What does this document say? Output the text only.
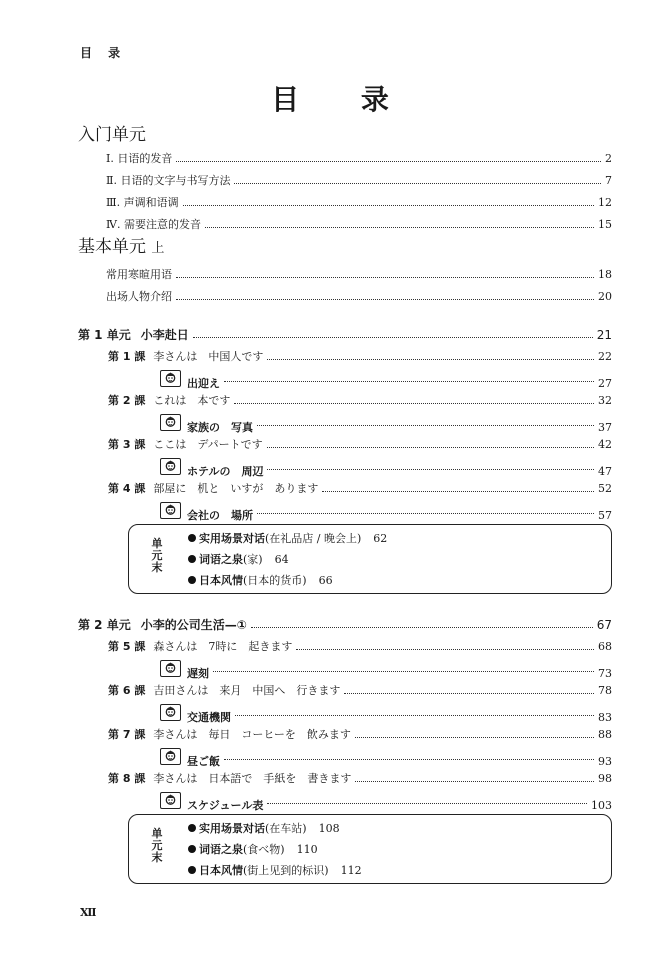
目 录
目 录
入门单元
基本单元 上
Ⅻ
Ⅰ. 日语的发音	2
Ⅱ. 日语的文字与书写方法	7
Ⅲ. 声调和语调	12
Ⅳ. 需要注意的发音	15
常用寒暄用语	18
出场人物介绍	20
第 1 单元 小李赴日	21
第 1 課 李さんは　中国人です	22
出迎え	27
第 2 課 これは　本です	32
家族の　写真	37
第 3 課 ここは　デパートです	42
ホテルの　周辺	47
第 4 課 部屋に　机と　いすが　あります	52
会社の　場所	57
单元末
实用场景对话 (在礼品店 / 晚会上) 62
词语之泉 (家) 64
日本风情 (日本的货币) 66
第 2 单元 小李的公司生活—①	67
第 5 課 森さんは　7時に　起きます	68
遅刻	73
第 6 課 吉田さんは　来月　中国へ　行きます	78
交通機関	83
第 7 課 李さんは　毎日　コーヒーを　飲みます	88
昼ご飯	93
第 8 課 李さんは　日本語で　手紙を　書きます	98
スケジュール表	103
单元末
实用场景对话 (在车站) 108
词语之泉 (食べ物) 110
日本风情 (街上见到的标识) 112
